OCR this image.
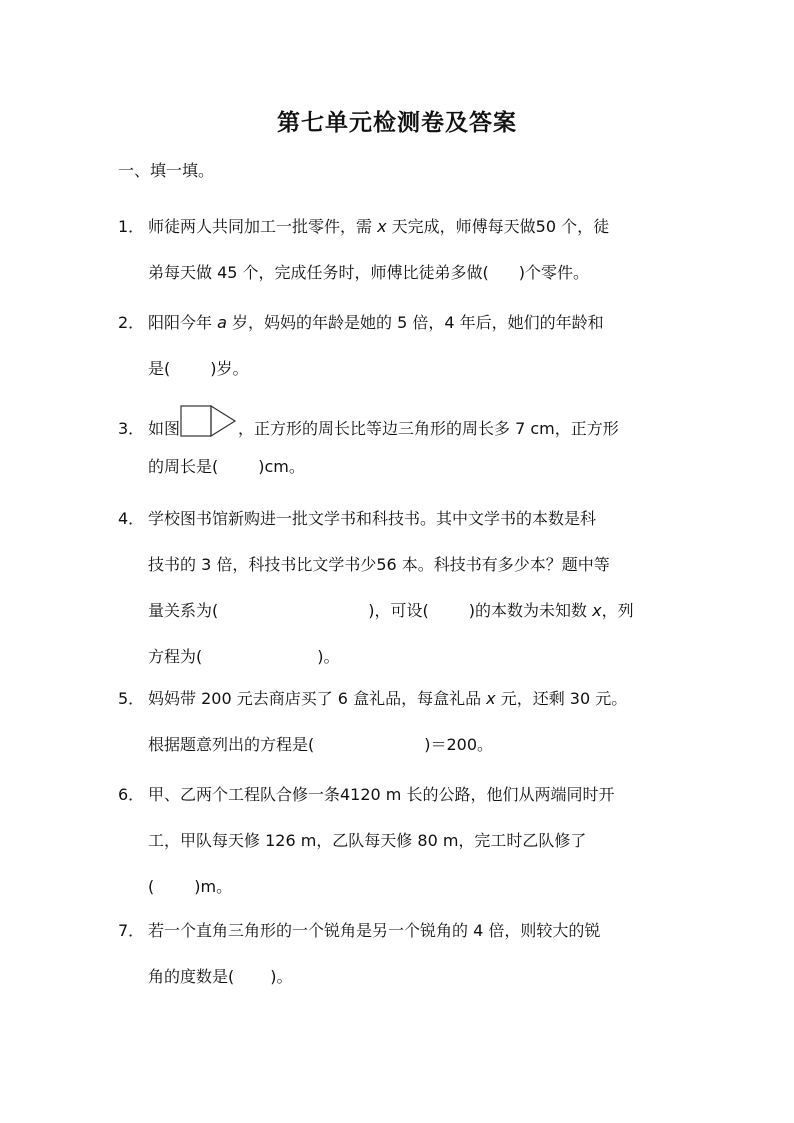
第七单元检测卷及答案
一、填一填。
1． 师徒两人共同加工一批零件，需 x 天完成，师傅每天做50 个，徒
弟每天做 45 个，完成任务时，师傅比徒弟多做( )个零件。
2． 阳阳今年 a 岁，妈妈的年龄是她的 5 倍，4 年后，她们的年龄和
是(	)岁。
3． 如图	，正方形的周长比等边三角形的周长多 7 cm，正方形
的周长是(	)cm。
4． 学校图书馆新购进一批文学书和科技书。其中文学书的本数是科
技书的 3 倍，科技书比文学书少56 本。科技书有多少本？题中等
量关系为(	)，可设(	)的本数为未知数 x，列
方程为(	)。
5． 妈妈带 200 元去商店买了 6 盒礼品，每盒礼品 x 元，还剩 30 元。
根据题意列出的方程是(	)＝200。
6． 甲、乙两个工程队合修一条4120 m 长的公路，他们从两端同时开
工，甲队每天修 126 m，乙队每天修 80 m，完工时乙队修了
(	)m。
7． 若一个直角三角形的一个锐角是另一个锐角的 4 倍，则较大的锐
角的度数是( )。
